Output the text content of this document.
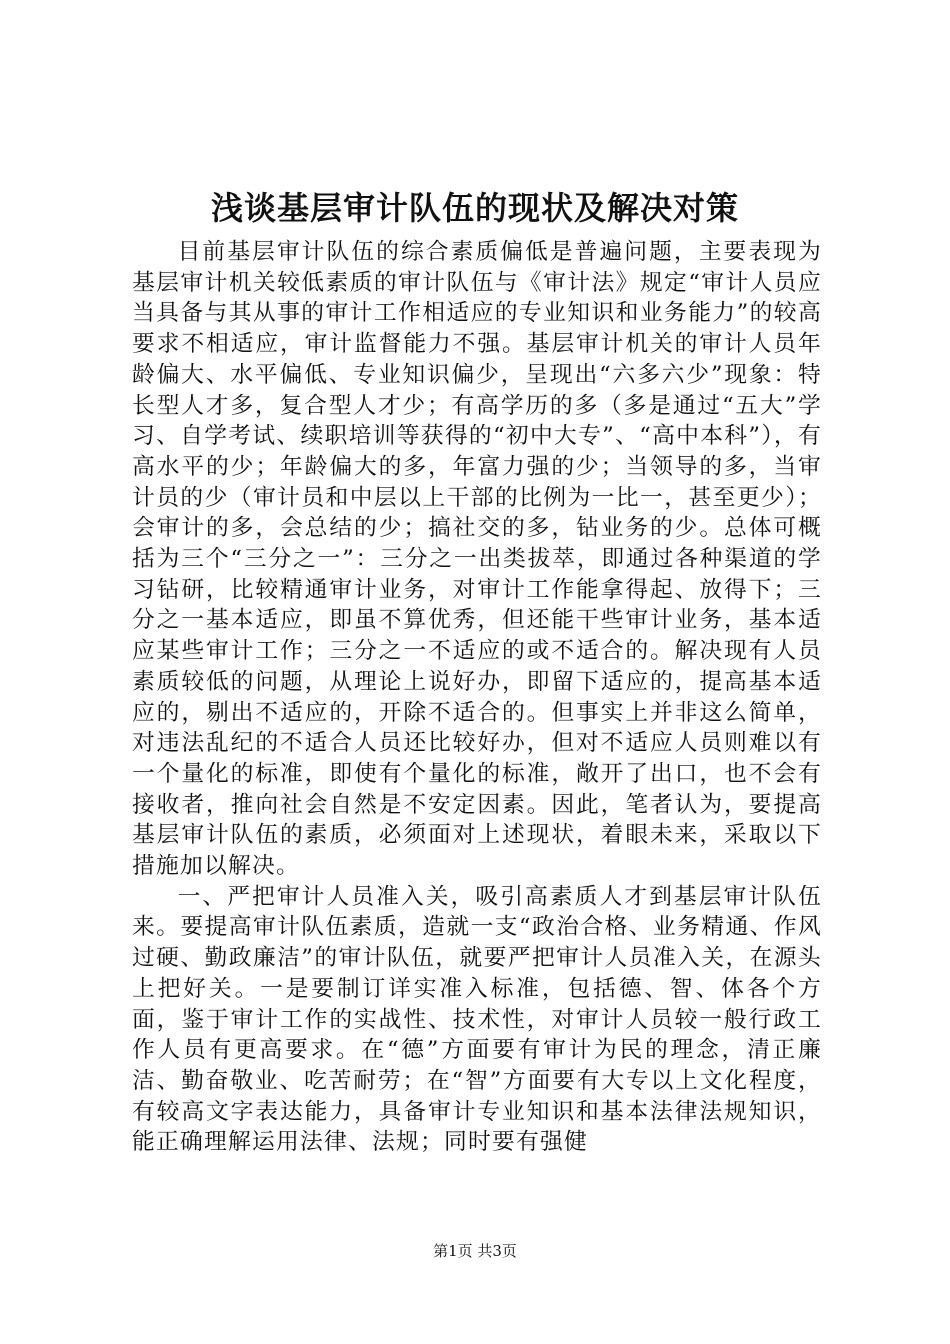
浅谈基层审计队伍的现状及解决对策

目前基层审计队伍的综合素质偏低是普遍问题，主要表现为基层审计机关较低素质的审计队伍与《审计法》规定“审计人员应当具备与其从事的审计工作相适应的专业知识和业务能力”的较高要求不相适应，审计监督能力不强。基层审计机关的审计人员年龄偏大、水平偏低、专业知识偏少，呈现出“六多六少”现象：特长型人才多，复合型人才少；有高学历的多（多是通过“五大”学习、自学考试、续职培训等获得的“初中大专”、“高中本科”），有高水平的少；年龄偏大的多，年富力强的少；当领导的多，当审计员的少（审计员和中层以上干部的比例为一比一，甚至更少）；会审计的多，会总结的少；搞社交的多，钻业务的少。总体可概括为三个“三分之一”：三分之一出类拔萃，即通过各种渠道的学习钻研，比较精通审计业务，对审计工作能拿得起、放得下；三分之一基本适应，即虽不算优秀，但还能干些审计业务，基本适应某些审计工作；三分之一不适应的或不适合的。解决现有人员素质较低的问题，从理论上说好办，即留下适应的，提高基本适应的，剔出不适应的，开除不适合的。但事实上并非这么简单，对违法乱纪的不适合人员还比较好办，但对不适应人员则难以有一个量化的标准，即使有个量化的标准，敞开了出口，也不会有接收者，推向社会自然是不安定因素。因此，笔者认为，要提高基层审计队伍的素质，必须面对上述现状，着眼未来，采取以下措施加以解决。

一、严把审计人员准入关，吸引高素质人才到基层审计队伍来。要提高审计队伍素质，造就一支“政治合格、业务精通、作风过硬、勤政廉洁”的审计队伍，就要严把审计人员准入关，在源头上把好关。一是要制订详实准入标准，包括德、智、体各个方面，鉴于审计工作的实战性、技术性，对审计人员较一般行政工作人员有更高要求。在“德”方面要有审计为民的理念，清正廉洁、勤奋敬业、吃苦耐劳；在“智”方面要有大专以上文化程度，有较高文字表达能力，具备审计专业知识和基本法律法规知识，能正确理解运用法律、法规；同时要有强健

第1页 共3页
